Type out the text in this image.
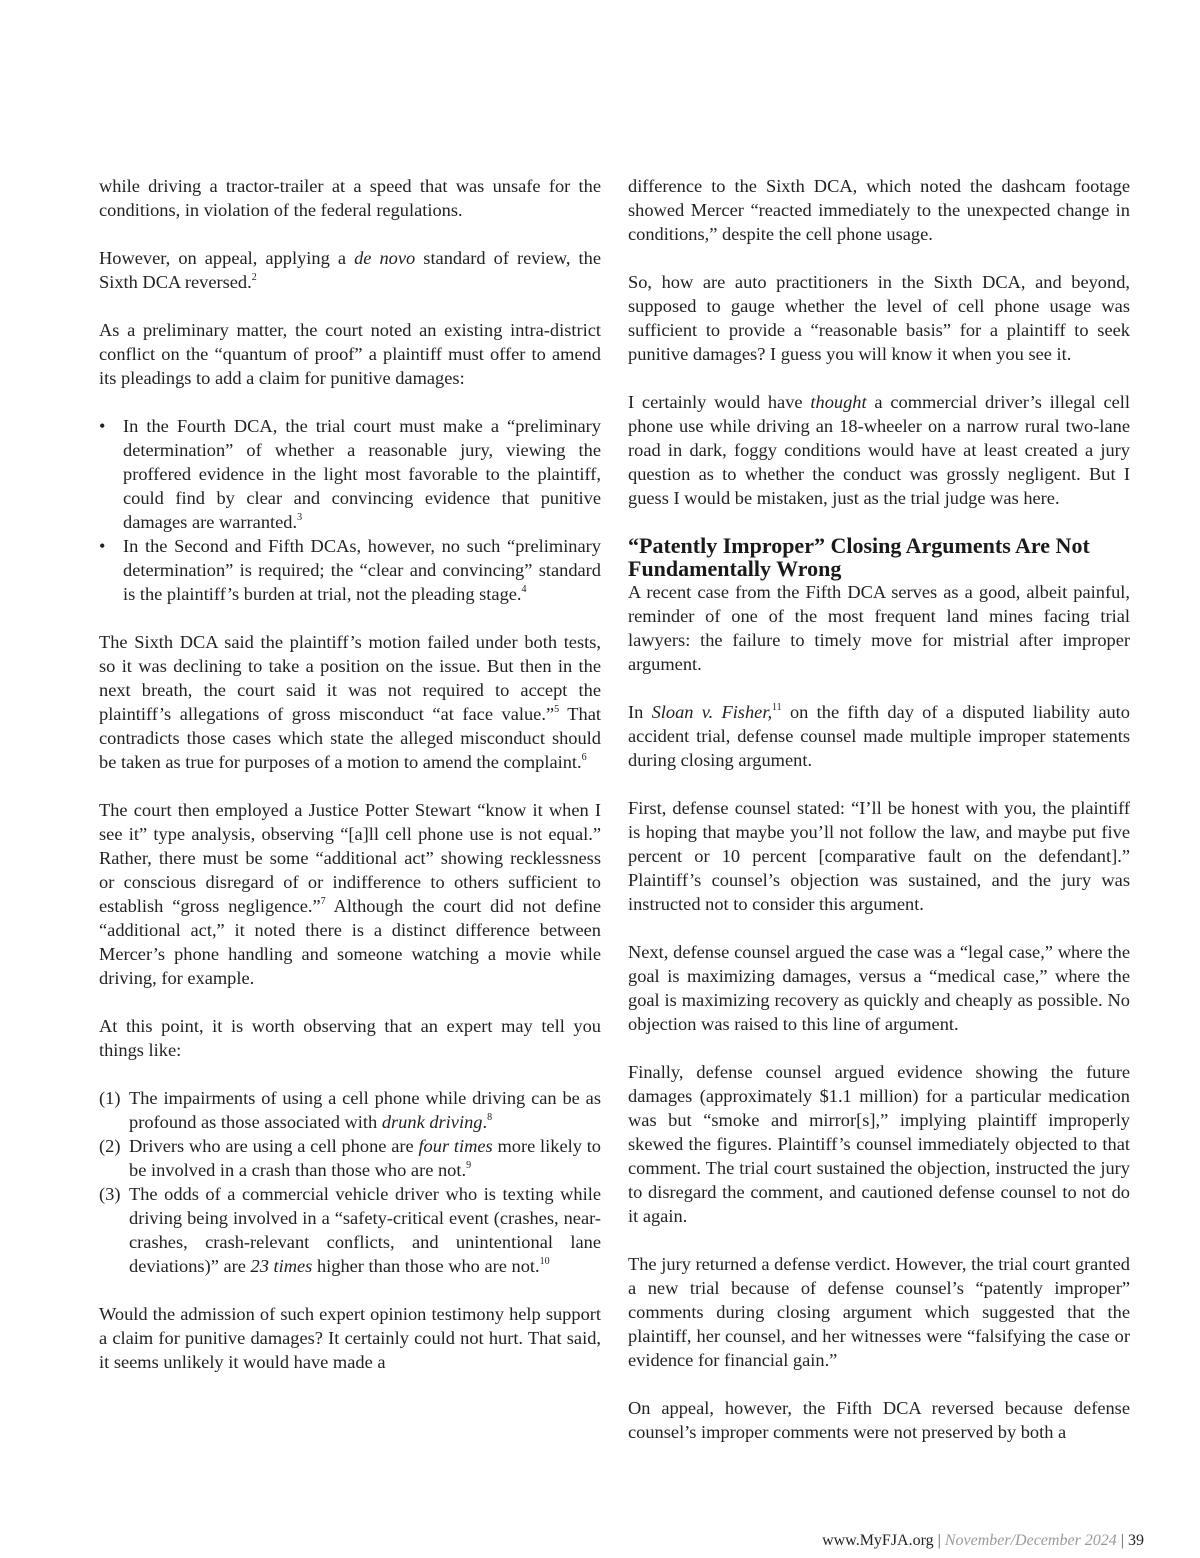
while driving a tractor-trailer at a speed that was unsafe for the conditions, in violation of the federal regulations.

However, on appeal, applying a de novo standard of review, the Sixth DCA reversed.$^2$

As a preliminary matter, the court noted an existing intra-district conflict on the “quantum of proof” a plaintiff must offer to amend its pleadings to add a claim for punitive damages:

• In the Fourth DCA, the trial court must make a “preliminary determination” of whether a reasonable jury, viewing the proffered evidence in the light most favorable to the plaintiff, could find by clear and convincing evidence that punitive damages are warranted.$^3$
• In the Second and Fifth DCAs, however, no such “preliminary determination” is required; the “clear and convincing” standard is the plaintiff’s burden at trial, not the pleading stage.$^4$

The Sixth DCA said the plaintiff’s motion failed under both tests, so it was declining to take a position on the issue. But then in the next breath, the court said it was not required to accept the plaintiff’s allegations of gross misconduct “at face value.”$^5$ That contradicts those cases which state the alleged misconduct should be taken as true for purposes of a motion to amend the complaint.$^6$

The court then employed a Justice Potter Stewart “know it when I see it” type analysis, observing “[a]ll cell phone use is not equal.” Rather, there must be some “additional act” showing recklessness or conscious disregard of or indifference to others sufficient to establish “gross negligence.”$^7$ Although the court did not define “additional act,” it noted there is a distinct difference between Mercer’s phone handling and someone watching a movie while driving, for example.

At this point, it is worth observing that an expert may tell you things like:

(1) The impairments of using a cell phone while driving can be as profound as those associated with drunk driving.$^8$
(2) Drivers who are using a cell phone are four times more likely to be involved in a crash than those who are not.$^9$
(3) The odds of a commercial vehicle driver who is texting while driving being involved in a “safety-critical event (crashes, near-crashes, crash-relevant conflicts, and unintentional lane deviations)” are 23 times higher than those who are not.$^{10}$

Would the admission of such expert opinion testimony help support a claim for punitive damages? It certainly could not hurt. That said, it seems unlikely it would have made a

difference to the Sixth DCA, which noted the dashcam footage showed Mercer “reacted immediately to the unexpected change in conditions,” despite the cell phone usage.

So, how are auto practitioners in the Sixth DCA, and beyond, supposed to gauge whether the level of cell phone usage was sufficient to provide a “reasonable basis” for a plaintiff to seek punitive damages? I guess you will know it when you see it.

I certainly would have thought a commercial driver’s illegal cell phone use while driving an 18-wheeler on a narrow rural two-lane road in dark, foggy conditions would have at least created a jury question as to whether the conduct was grossly negligent. But I guess I would be mistaken, just as the trial judge was here.

“Patently Improper” Closing Arguments Are Not Fundamentally Wrong

A recent case from the Fifth DCA serves as a good, albeit painful, reminder of one of the most frequent land mines facing trial lawyers: the failure to timely move for mistrial after improper argument.

In Sloan v. Fisher,$^{11}$ on the fifth day of a disputed liability auto accident trial, defense counsel made multiple improper statements during closing argument.

First, defense counsel stated: “I’ll be honest with you, the plaintiff is hoping that maybe you’ll not follow the law, and maybe put five percent or 10 percent [comparative fault on the defendant].” Plaintiff’s counsel’s objection was sustained, and the jury was instructed not to consider this argument.

Next, defense counsel argued the case was a “legal case,” where the goal is maximizing damages, versus a “medical case,” where the goal is maximizing recovery as quickly and cheaply as possible. No objection was raised to this line of argument.

Finally, defense counsel argued evidence showing the future damages (approximately $1.1 million) for a particular medication was but “smoke and mirror[s],” implying plaintiff improperly skewed the figures. Plaintiff’s counsel immediately objected to that comment. The trial court sustained the objection, instructed the jury to disregard the comment, and cautioned defense counsel to not do it again.

The jury returned a defense verdict. However, the trial court granted a new trial because of defense counsel’s “patently improper” comments during closing argument which suggested that the plaintiff, her counsel, and her witnesses were “falsifying the case or evidence for financial gain.”

On appeal, however, the Fifth DCA reversed because defense counsel’s improper comments were not preserved by both a

www.MyFJA.org | November/December 2024 | 39
